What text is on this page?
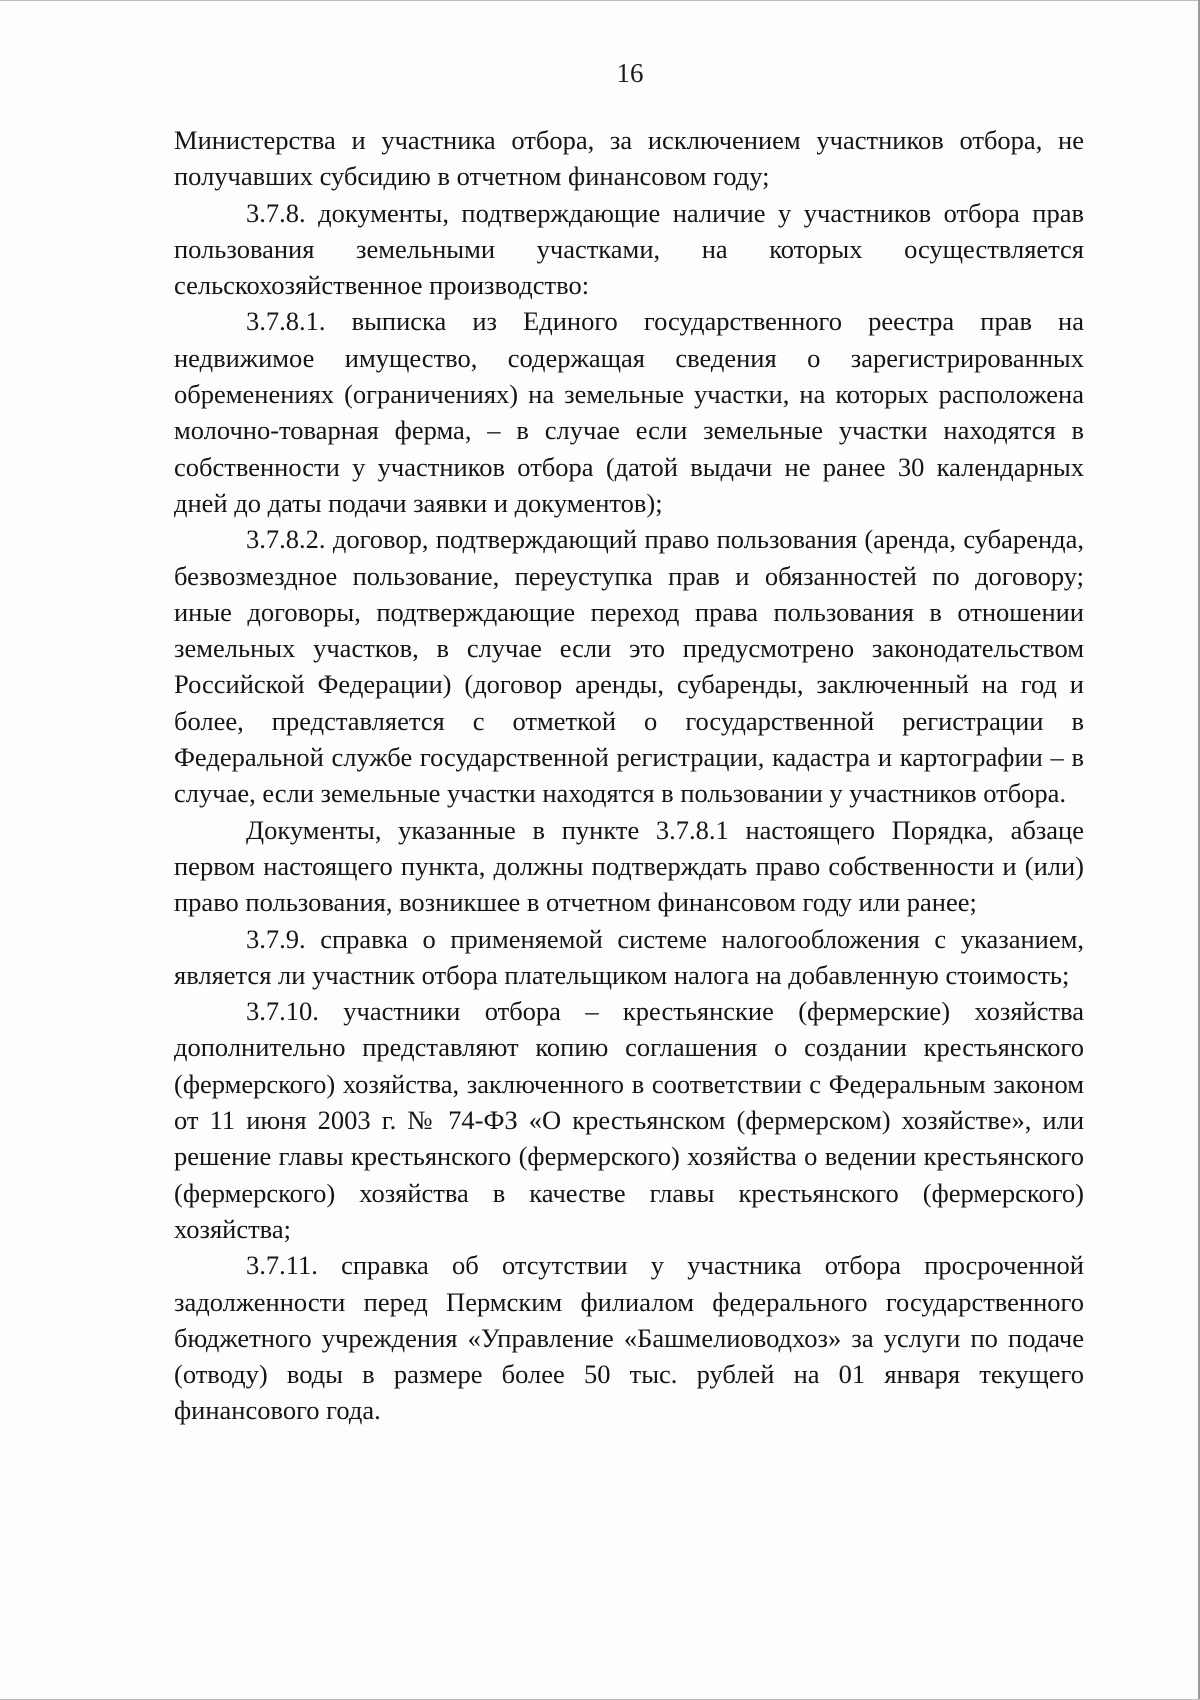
16

Министерства и участника отбора, за исключением участников отбора, не получавших субсидию в отчетном финансовом году;

3.7.8. документы, подтверждающие наличие у участников отбора прав пользования земельными участками, на которых осуществляется сельскохозяйственное производство:

3.7.8.1. выписка из Единого государственного реестра прав на недвижимое имущество, содержащая сведения о зарегистрированных обременениях (ограничениях) на земельные участки, на которых расположена молочно-товарная ферма, – в случае если земельные участки находятся в собственности у участников отбора (датой выдачи не ранее 30 календарных дней до даты подачи заявки и документов);

3.7.8.2. договор, подтверждающий право пользования (аренда, субаренда, безвозмездное пользование, переуступка прав и обязанностей по договору; иные договоры, подтверждающие переход права пользования в отношении земельных участков, в случае если это предусмотрено законодательством Российской Федерации) (договор аренды, субаренды, заключенный на год и более, представляется с отметкой о государственной регистрации в Федеральной службе государственной регистрации, кадастра и картографии – в случае, если земельные участки находятся в пользовании у участников отбора.

Документы, указанные в пункте 3.7.8.1 настоящего Порядка, абзаце первом настоящего пункта, должны подтверждать право собственности и (или) право пользования, возникшее в отчетном финансовом году или ранее;

3.7.9. справка о применяемой системе налогообложения с указанием, является ли участник отбора плательщиком налога на добавленную стоимость;

3.7.10. участники отбора – крестьянские (фермерские) хозяйства дополнительно представляют копию соглашения о создании крестьянского (фермерского) хозяйства, заключенного в соответствии с Федеральным законом от 11 июня 2003 г. № 74-ФЗ «О крестьянском (фермерском) хозяйстве», или решение главы крестьянского (фермерского) хозяйства о ведении крестьянского (фермерского) хозяйства в качестве главы крестьянского (фермерского) хозяйства;

3.7.11. справка об отсутствии у участника отбора просроченной задолженности перед Пермским филиалом федерального государственного бюджетного учреждения «Управление «Башмелиоводхоз» за услуги по подаче (отводу) воды в размере более 50 тыс. рублей на 01 января текущего финансового года.
